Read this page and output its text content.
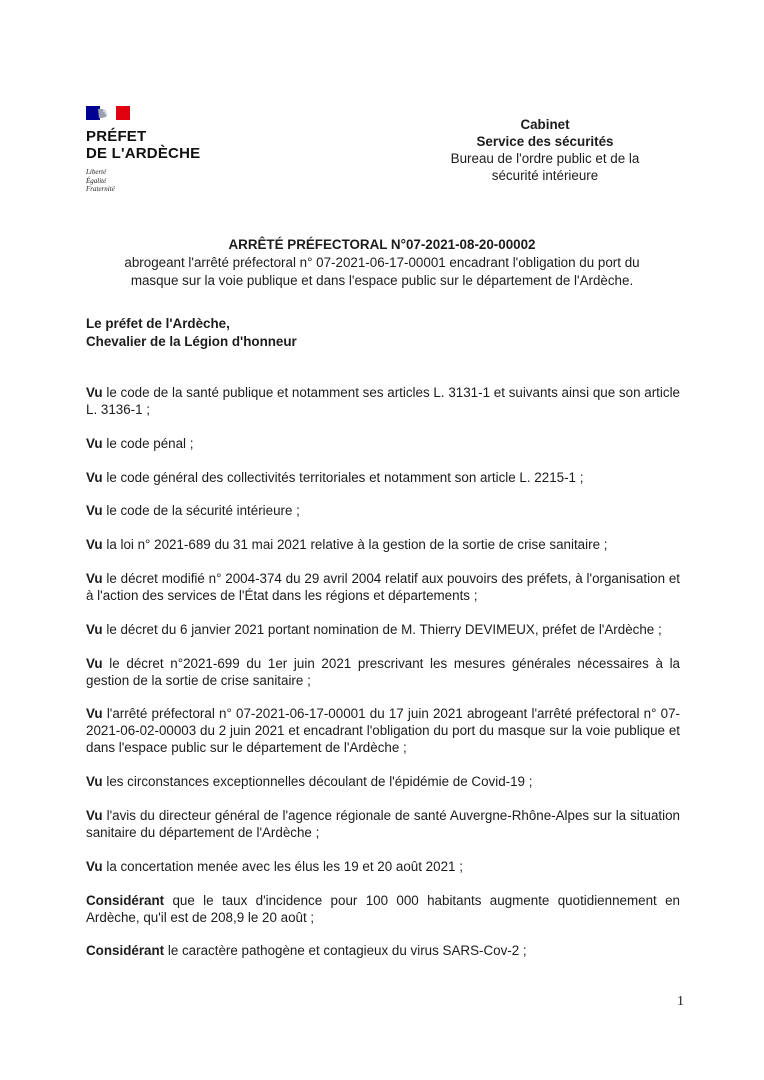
PRÉFET
DE L'ARDÈCHE
Liberté
Égalité
Fraternité
Cabinet
Service des sécurités
Bureau de l'ordre public et de la
sécurité intérieure
ARRÊTÉ PRÉFECTORAL N°07-2021-08-20-00002
abrogeant l'arrêté préfectoral n° 07-2021-06-17-00001 encadrant l'obligation du port du
masque sur la voie publique et dans l'espace public sur le département de l'Ardèche.
Le préfet de l'Ardèche,
Chevalier de la Légion d'honneur

Vu le code de la santé publique et notamment ses articles L. 3131-1 et suivants ainsi que son article L. 3136-1 ;

Vu le code pénal ;

Vu le code général des collectivités territoriales et notamment son article L. 2215-1 ;

Vu le code de la sécurité intérieure ;

Vu la loi n° 2021-689 du 31 mai 2021 relative à la gestion de la sortie de crise sanitaire ;

Vu le décret modifié n° 2004-374 du 29 avril 2004 relatif aux pouvoirs des préfets, à l'organisation et à l'action des services de l'État dans les régions et départements ;

Vu le décret du 6 janvier 2021 portant nomination de M. Thierry DEVIMEUX, préfet de l'Ardèche ;

Vu le décret n°2021-699 du 1er juin 2021 prescrivant les mesures générales nécessaires à la gestion de la sortie de crise sanitaire ;

Vu l'arrêté préfectoral n° 07-2021-06-17-00001 du 17 juin 2021 abrogeant l'arrêté préfectoral n° 07-2021-06-02-00003 du 2 juin 2021 et encadrant l'obligation du port du masque sur la voie publique et dans l'espace public sur le département de l'Ardèche ;

Vu les circonstances exceptionnelles découlant de l'épidémie de Covid-19 ;

Vu l'avis du directeur général de l'agence régionale de santé Auvergne-Rhône-Alpes sur la situation sanitaire du département de l'Ardèche ;

Vu la concertation menée avec les élus les 19 et 20 août 2021 ;

Considérant que le taux d'incidence pour 100 000 habitants augmente quotidiennement en Ardèche, qu'il est de 208,9 le 20 août ;

Considérant le caractère pathogène et contagieux du virus SARS-Cov-2 ;

1
